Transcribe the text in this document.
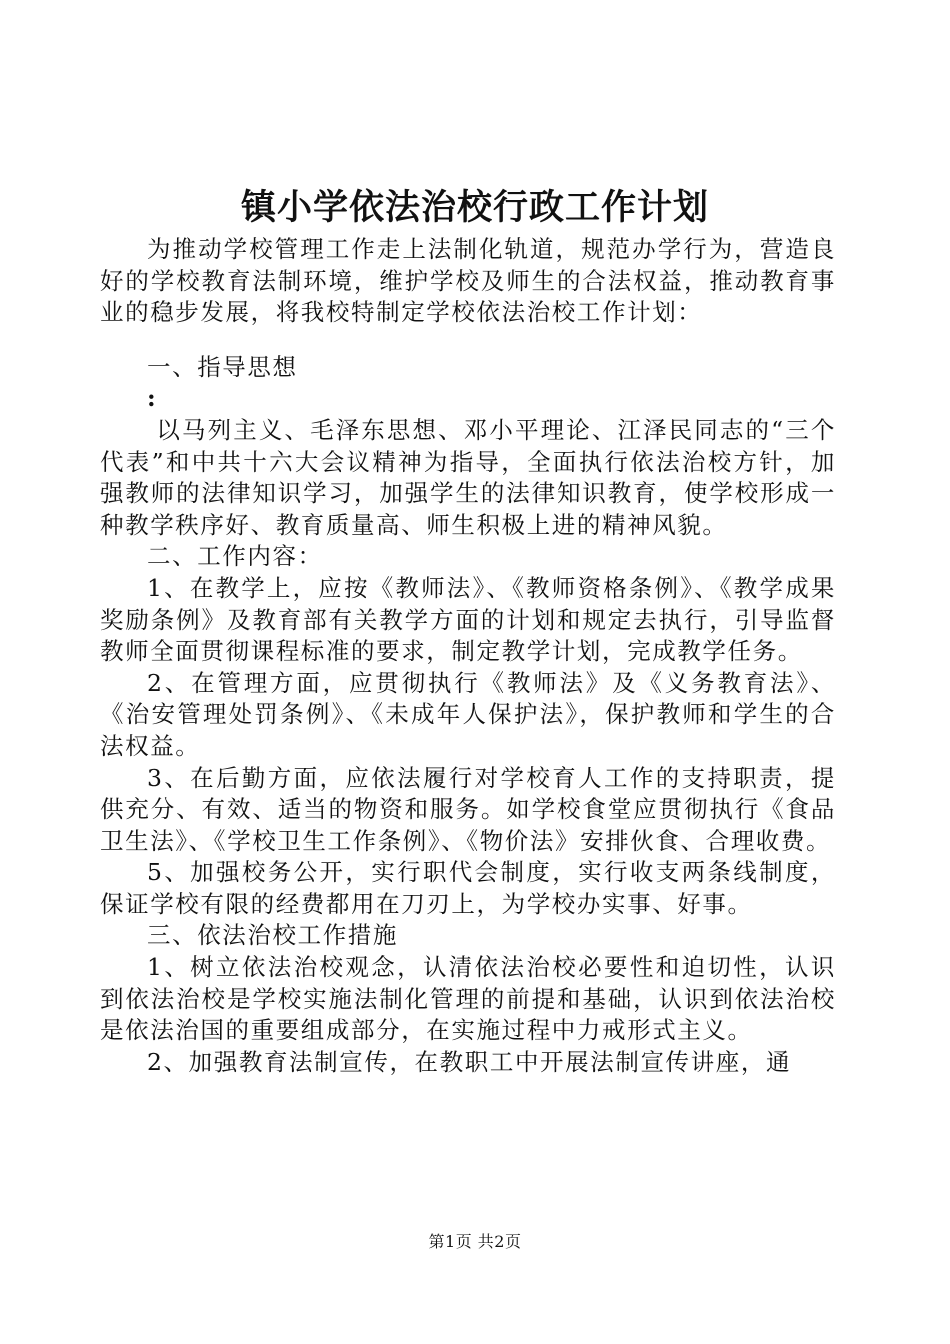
镇小学依法治校行政工作计划

为推动学校管理工作走上法制化轨道，规范办学行为，营造良好的学校教育法制环境，维护学校及师生的合法权益，推动教育事业的稳步发展，将我校特制定学校依法治校工作计划：

一、指导思想

:

以马列主义、毛泽东思想、邓小平理论、江泽民同志的“三个代表”和中共十六大会议精神为指导，全面执行依法治校方针，加强教师的法律知识学习，加强学生的法律知识教育，使学校形成一种教学秩序好、教育质量高、师生积极上进的精神风貌。

二、工作内容：

1、在教学上，应按《教师法》、《教师资格条例》、《教学成果奖励条例》及教育部有关教学方面的计划和规定去执行，引导监督教师全面贯彻课程标准的要求，制定教学计划，完成教学任务。

2、在管理方面，应贯彻执行《教师法》及《义务教育法》、《治安管理处罚条例》、《未成年人保护法》，保护教师和学生的合法权益。

3、在后勤方面，应依法履行对学校育人工作的支持职责，提供充分、有效、适当的物资和服务。如学校食堂应贯彻执行《食品卫生法》、《学校卫生工作条例》、《物价法》安排伙食、合理收费。

5、加强校务公开，实行职代会制度，实行收支两条线制度，保证学校有限的经费都用在刀刃上，为学校办实事、好事。

三、依法治校工作措施

1、树立依法治校观念，认清依法治校必要性和迫切性，认识到依法治校是学校实施法制化管理的前提和基础，认识到依法治校是依法治国的重要组成部分，在实施过程中力戒形式主义。

2、加强教育法制宣传，在教职工中开展法制宣传讲座，通

第1页 共2页
